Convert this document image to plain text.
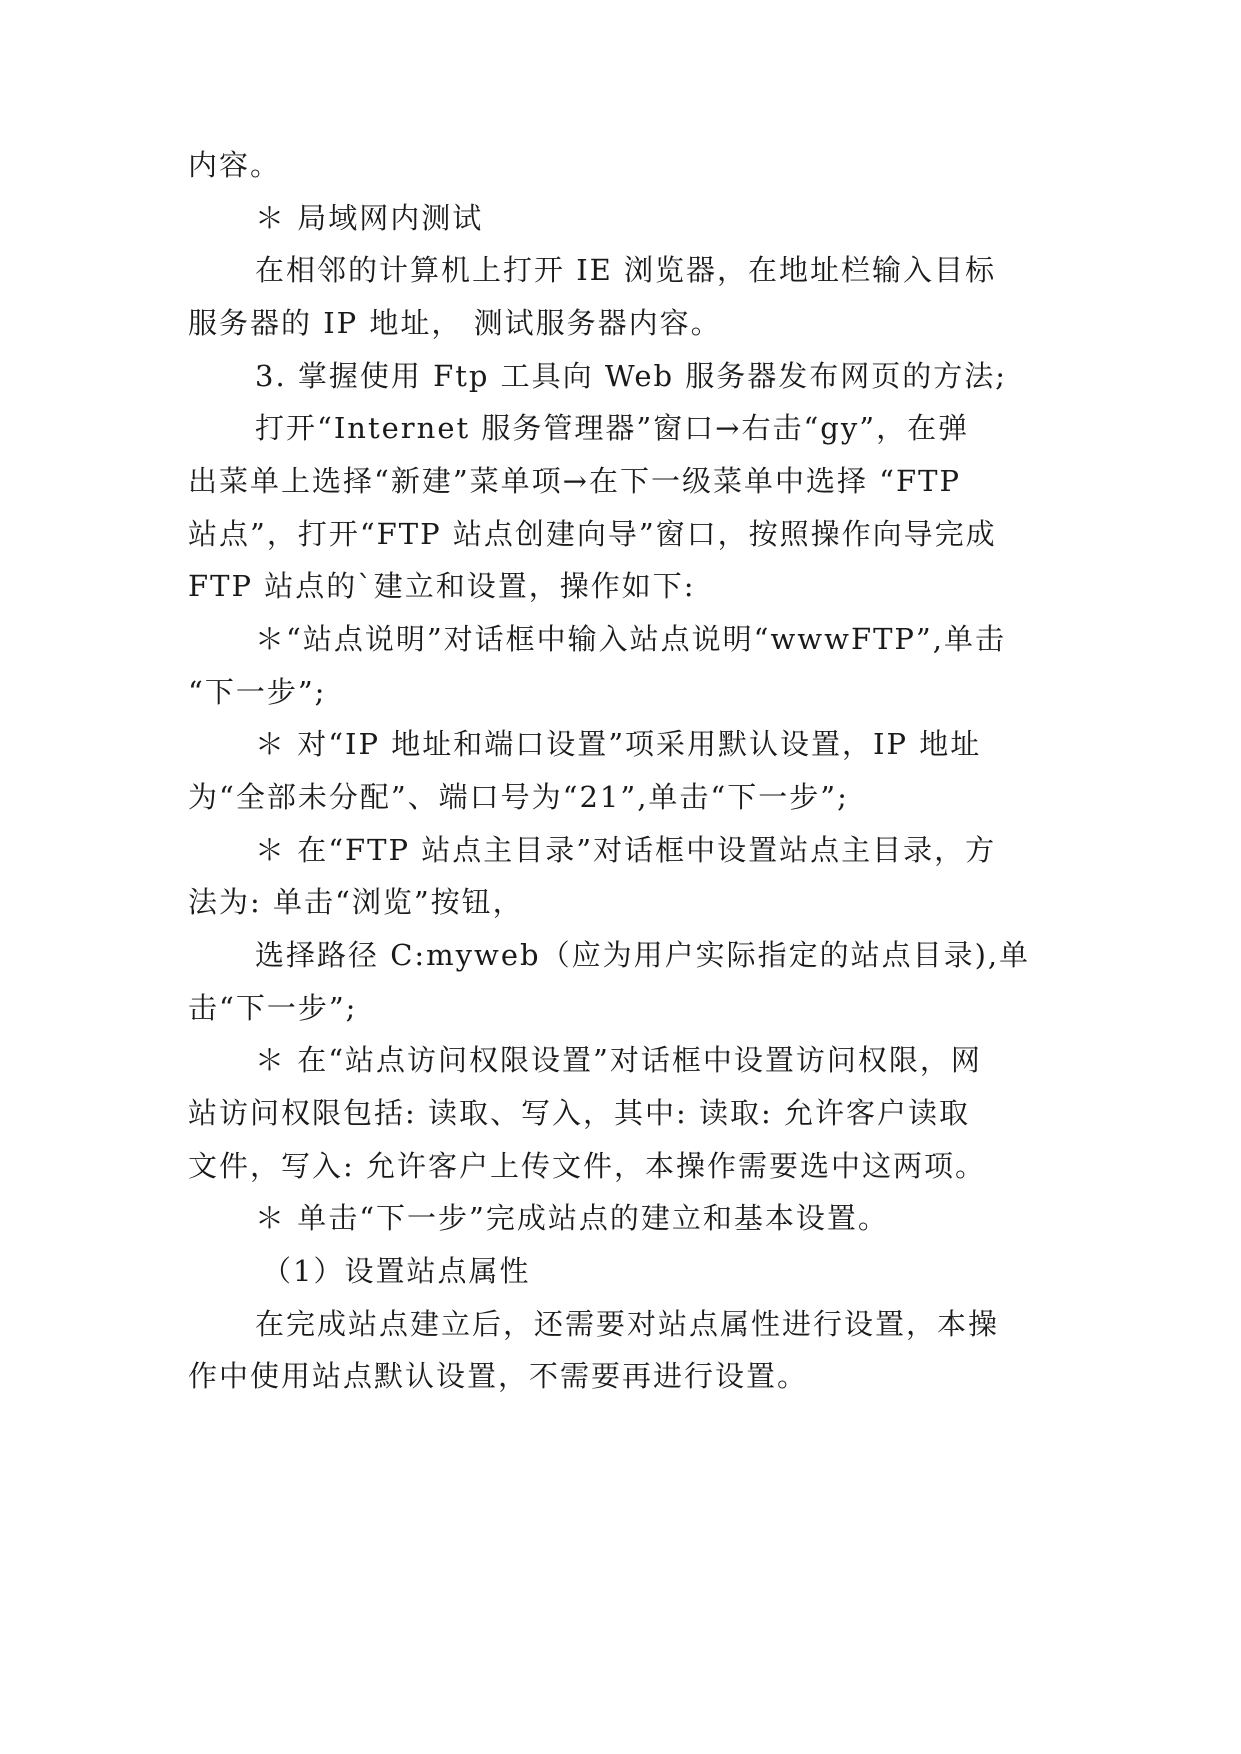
内容。
＊ 局域网内测试
在相邻的计算机上打开 IE 浏览器，在地址栏输入目标
服务器的 IP 地址， 测试服务器内容。
3. 掌握使用 Ftp 工具向 Web 服务器发布网页的方法;
打开“Internet 服务管理器”窗口→右击“gy”，在弹
出菜单上选择“新建”菜单项→在下一级菜单中选择 “FTP
站点”，打开“FTP 站点创建向导”窗口，按照操作向导完成
FTP 站点的`建立和设置，操作如下:
＊“站点说明”对话框中输入站点说明“wwwFTP”,单击
“下一步”;
＊ 对“IP 地址和端口设置”项采用默认设置，IP 地址
为“全部未分配”、端口号为“21”,单击“下一步”;
＊ 在“FTP 站点主目录”对话框中设置站点主目录，方
法为: 单击“浏览”按钮，
选择路径 C:myweb（应为用户实际指定的站点目录),单
击“下一步”;
＊ 在“站点访问权限设置”对话框中设置访问权限，网
站访问权限包括: 读取、写入，其中: 读取: 允许客户读取
文件，写入: 允许客户上传文件，本操作需要选中这两项。
＊ 单击“下一步”完成站点的建立和基本设置。
（1）设置站点属性
在完成站点建立后，还需要对站点属性进行设置，本操
作中使用站点默认设置，不需要再进行设置。
